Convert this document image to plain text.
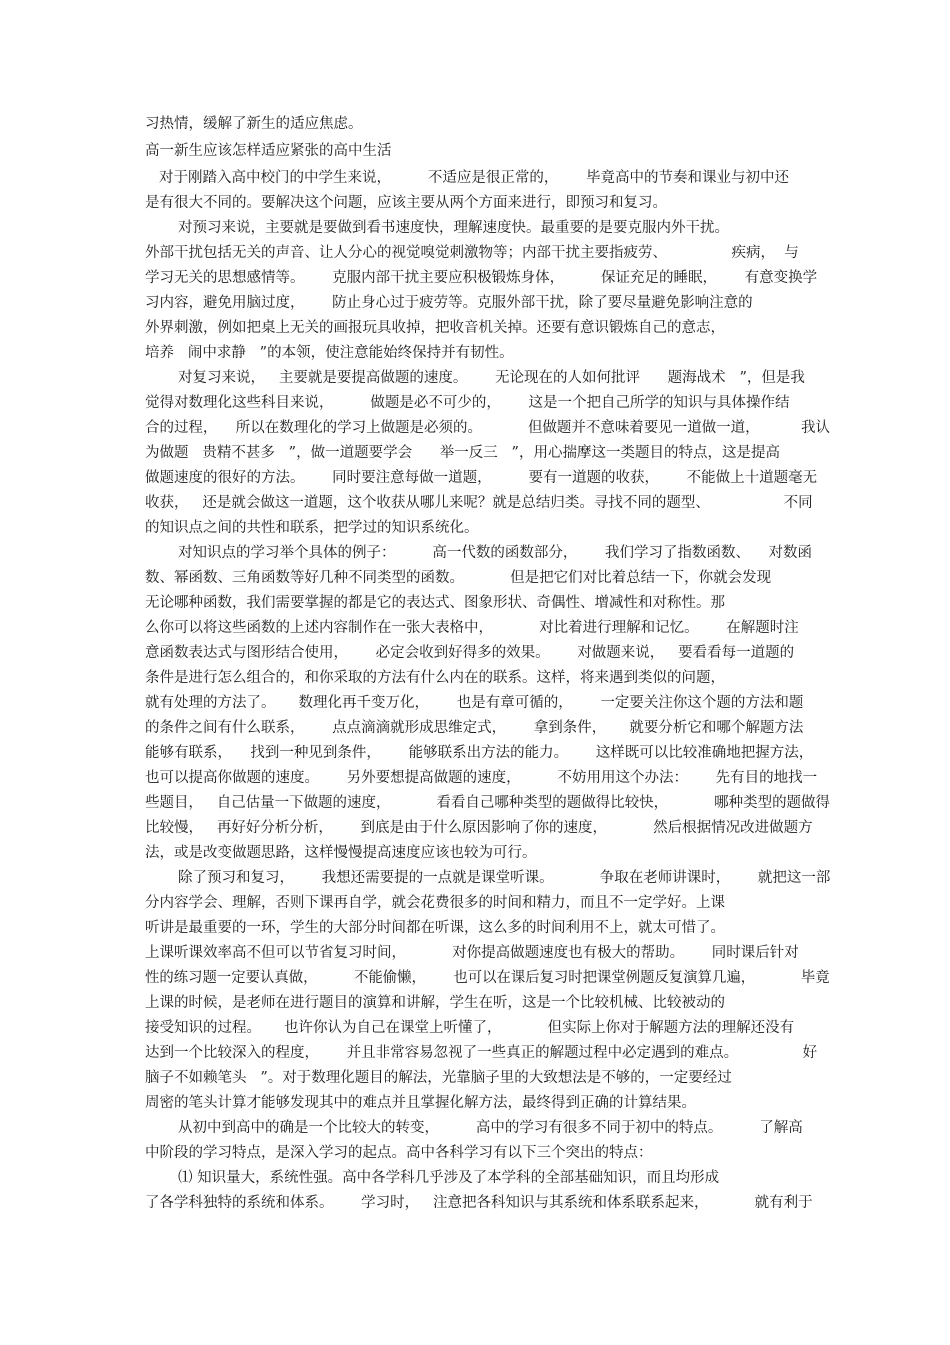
习热情，缓解了新生的适应焦虑。
高一新生应该怎样适应紧张的高中生活
对于刚踏入高中校门的中学生来说，        不适应是很正常的，      毕竟高中的节奏和课业与初中还
是有很大不同的。要解决这个问题，应该主要从两个方面来进行，即预习和复习。
对预习来说，主要就是要做到看书速度快，理解速度快。最重要的是要克服内外干扰。
外部干扰包括无关的声音、让人分心的视觉嗅觉刺激物等；内部干扰主要指疲劳、              疾病，  与
学习无关的思想感情等。      克服内部干扰主要应积极锻炼身体，        保证充足的睡眠，      有意变换学
习内容，避免用脑过度，      防止身心过于疲劳等。克服外部干扰，除了要尽量避免影响注意的
外界刺激，例如把桌上无关的画报玩具收掉，把收音机关掉。还要有意识锻炼自己的意志，
培养   闹中求静   ”的本领，使注意能始终保持并有韧性。
对复习来说，   主要就是要提高做题的速度。      无论现在的人如何批评      题海战术   ”，但是我
觉得对数理化这些科目来说，        做题是必不可少的，      这是一个把自己所学的知识与具体操作结
合的过程，    所以在数理化的学习上做题是必须的。          但做题并不意味着要见一道做一道，         我认
为做题   贵精不甚多   ”，做一道题要学会      举一反三   ”，用心揣摩这一类题目的特点，这是提高
做题速度的很好的方法。      同时要注意每做一道题，        要有一道题的收获，      不能做上十道题毫无
收获，   还是就会做这一道题，这个收获从哪儿来呢？就是总结归类。寻找不同的题型、                不同
的知识点之间的共性和联系，把学过的知识系统化。
对知识点的学习举个具体的例子：        高一代数的函数部分，      我们学习了指数函数、    对数函
数、幂函数、三角函数等好几种不同类型的函数。          但是把它们对比着总结一下，你就会发现
无论哪种函数，我们需要掌握的都是它的表达式、图象形状、奇偶性、增减性和对称性。那
么你可以将这些函数的上述内容制作在一张大表格中，          对比着进行理解和记忆。      在解题时注
意函数表达式与图形结合使用，      必定会收到好得多的效果。      对做题来说，   要看看每一道题的
条件是进行怎么组合的，和你采取的方法有什么内在的联系。这样，将来遇到类似的问题，
就有处理的方法了。     数理化再千变万化，      也是有章可循的，      一定要关注你这个题的方法和题
的条件之间有什么联系，      点点滴滴就形成思维定式，      拿到条件，     就要分析它和哪个解题方法
能够有联系，    找到一种见到条件，      能够联系出方法的能力。      这样既可以比较准确地把握方法，
也可以提高你做题的速度。      另外要想提高做题的速度，        不妨用用这个办法：      先有目的地找一
些题目，   自己估量一下做题的速度，          看看自己哪种类型的题做得比较快，          哪种类型的题做得
比较慢，   再好好分析分析，      到底是由于什么原因影响了你的速度，          然后根据情况改进做题方
法，或是改变做题思路，这样慢慢提高速度应该也较为可行。
除了预习和复习，      我想还需要提的一点就是课堂听课。          争取在老师讲课时，      就把这一部
分内容学会、理解，否则下课再自学，就会花费很多的时间和精力，而且不一定学好。上课
听讲是最重要的一环，学生的大部分时间都在听课，这么多的时间利用不上，就太可惜了。
上课听课效率高不但可以节省复习时间，          对你提高做题速度也有极大的帮助。      同时课后针对
性的练习题一定要认真做，        不能偷懒，      也可以在课后复习时把课堂例题反复演算几遍，          毕竟
上课的时候，是老师在进行题目的演算和讲解，学生在听，这是一个比较机械、比较被动的
接受知识的过程。     也许你认为自己在课堂上听懂了，          但实际上你对于解题方法的理解还没有
达到一个比较深入的程度，      并且非常容易忽视了一些真正的解题过程中必定遇到的难点。              好
脑子不如赖笔头   ”。对于数理化题目的解法，光靠脑子里的大致想法是不够的，一定要经过
周密的笔头计算才能够发现其中的难点并且掌握化解方法，最终得到正确的计算结果。
从初中到高中的确是一个比较大的转变，        高中的学习有很多不同于初中的特点。        了解高
中阶段的学习特点，是深入学习的起点。高中各科学习有以下三个突出的特点：
⑴ 知识量大，系统性强。高中各学科几乎涉及了本学科的全部基础知识，而且均形成
了各学科独特的系统和体系。      学习时，   注意把各科知识与其系统和体系联系起来，          就有利于
